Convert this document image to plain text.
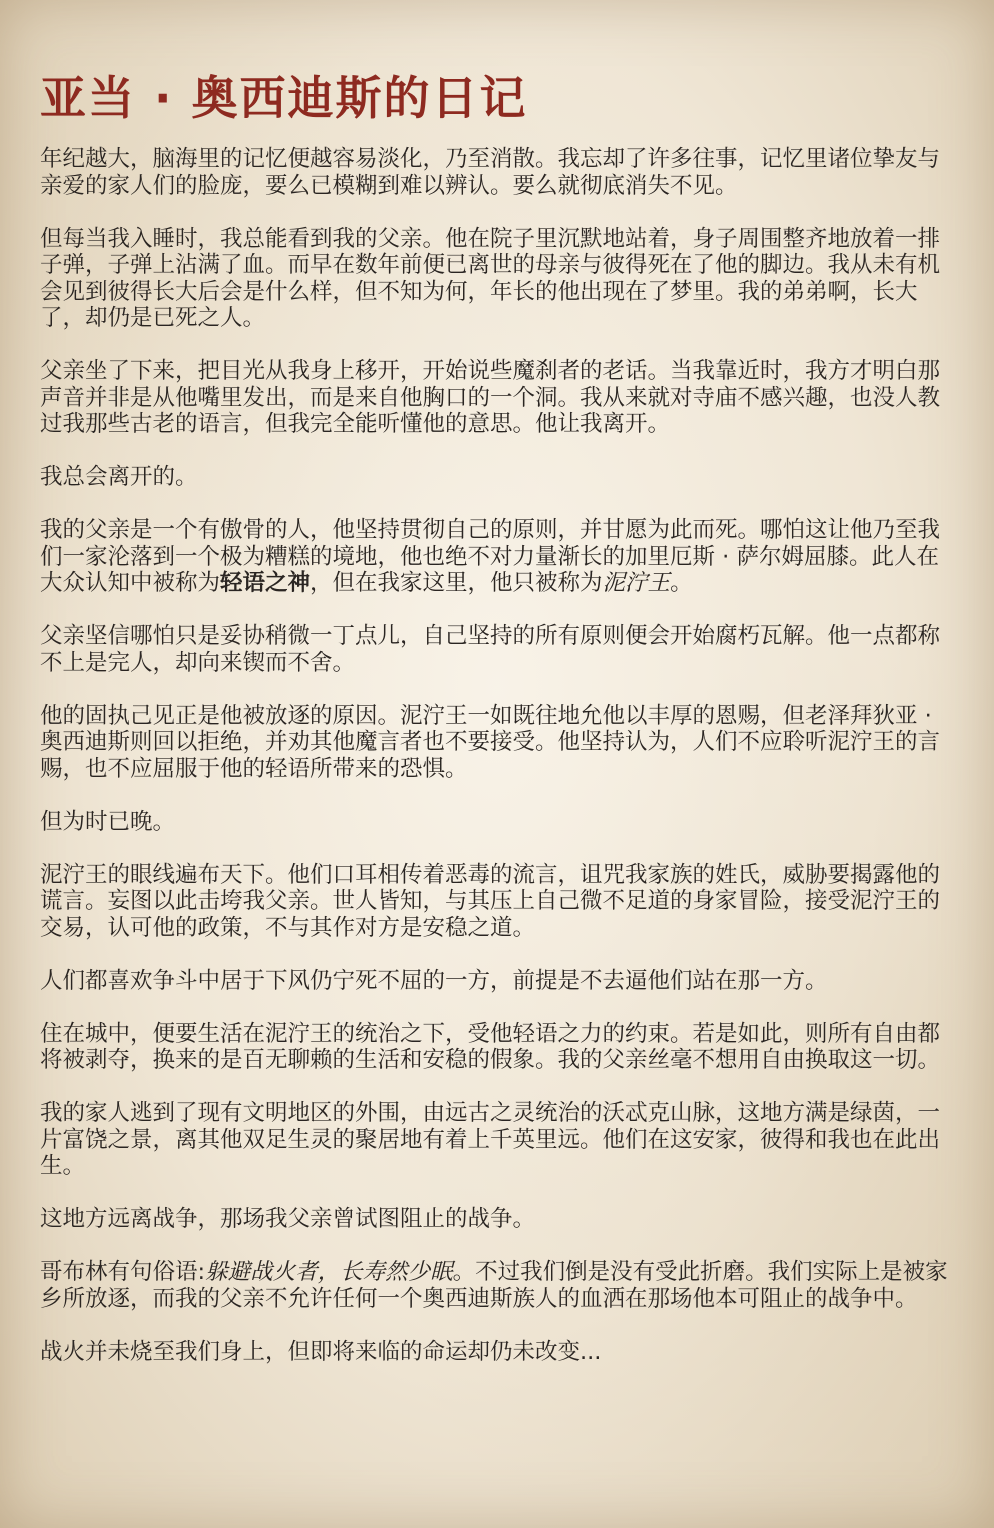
亚当 · 奥西迪斯的日记

年纪越大，脑海里的记忆便越容易淡化，乃至消散。我忘却了许多往事，记忆里诸位挚友与亲爱的家人们的脸庞，要么已模糊到难以辨认。要么就彻底消失不见。

但每当我入睡时，我总能看到我的父亲。他在院子里沉默地站着，身子周围整齐地放着一排子弹，子弹上沾满了血。而早在数年前便已离世的母亲与彼得死在了他的脚边。我从未有机会见到彼得长大后会是什么样，但不知为何，年长的他出现在了梦里。我的弟弟啊，长大了，却仍是已死之人。

父亲坐了下来，把目光从我身上移开，开始说些魔刹者的老话。当我靠近时，我方才明白那声音并非是从他嘴里发出，而是来自他胸口的一个洞。我从来就对寺庙不感兴趣，也没人教过我那些古老的语言，但我完全能听懂他的意思。他让我离开。

我总会离开的。

我的父亲是一个有傲骨的人，他坚持贯彻自己的原则，并甘愿为此而死。哪怕这让他乃至我们一家沦落到一个极为糟糕的境地，他也绝不对力量渐长的加里厄斯 · 萨尔姆屈膝。此人在大众认知中被称为轻语之神，但在我家这里，他只被称为泥泞王。

父亲坚信哪怕只是妥协稍微一丁点儿，自己坚持的所有原则便会开始腐朽瓦解。他一点都称不上是完人，却向来锲而不舍。

他的固执己见正是他被放逐的原因。泥泞王一如既往地允他以丰厚的恩赐，但老泽拜狄亚 · 奥西迪斯则回以拒绝，并劝其他魔言者也不要接受。他坚持认为，人们不应聆听泥泞王的言赐，也不应屈服于他的轻语所带来的恐惧。

但为时已晚。

泥泞王的眼线遍布天下。他们口耳相传着恶毒的流言，诅咒我家族的姓氏，威胁要揭露他的谎言。妄图以此击垮我父亲。世人皆知，与其压上自己微不足道的身家冒险，接受泥泞王的交易，认可他的政策，不与其作对方是安稳之道。

人们都喜欢争斗中居于下风仍宁死不屈的一方，前提是不去逼他们站在那一方。

住在城中，便要生活在泥泞王的统治之下，受他轻语之力的约束。若是如此，则所有自由都将被剥夺，换来的是百无聊赖的生活和安稳的假象。我的父亲丝毫不想用自由换取这一切。

我的家人逃到了现有文明地区的外围，由远古之灵统治的沃忒克山脉，这地方满是绿茵，一片富饶之景，离其他双足生灵的聚居地有着上千英里远。他们在这安家，彼得和我也在此出生。

这地方远离战争，那场我父亲曾试图阻止的战争。

哥布林有句俗语:躲避战火者，长寿然少眠。不过我们倒是没有受此折磨。我们实际上是被家乡所放逐，而我的父亲不允许任何一个奥西迪斯族人的血洒在那场他本可阻止的战争中。

战火并未烧至我们身上，但即将来临的命运却仍未改变...
